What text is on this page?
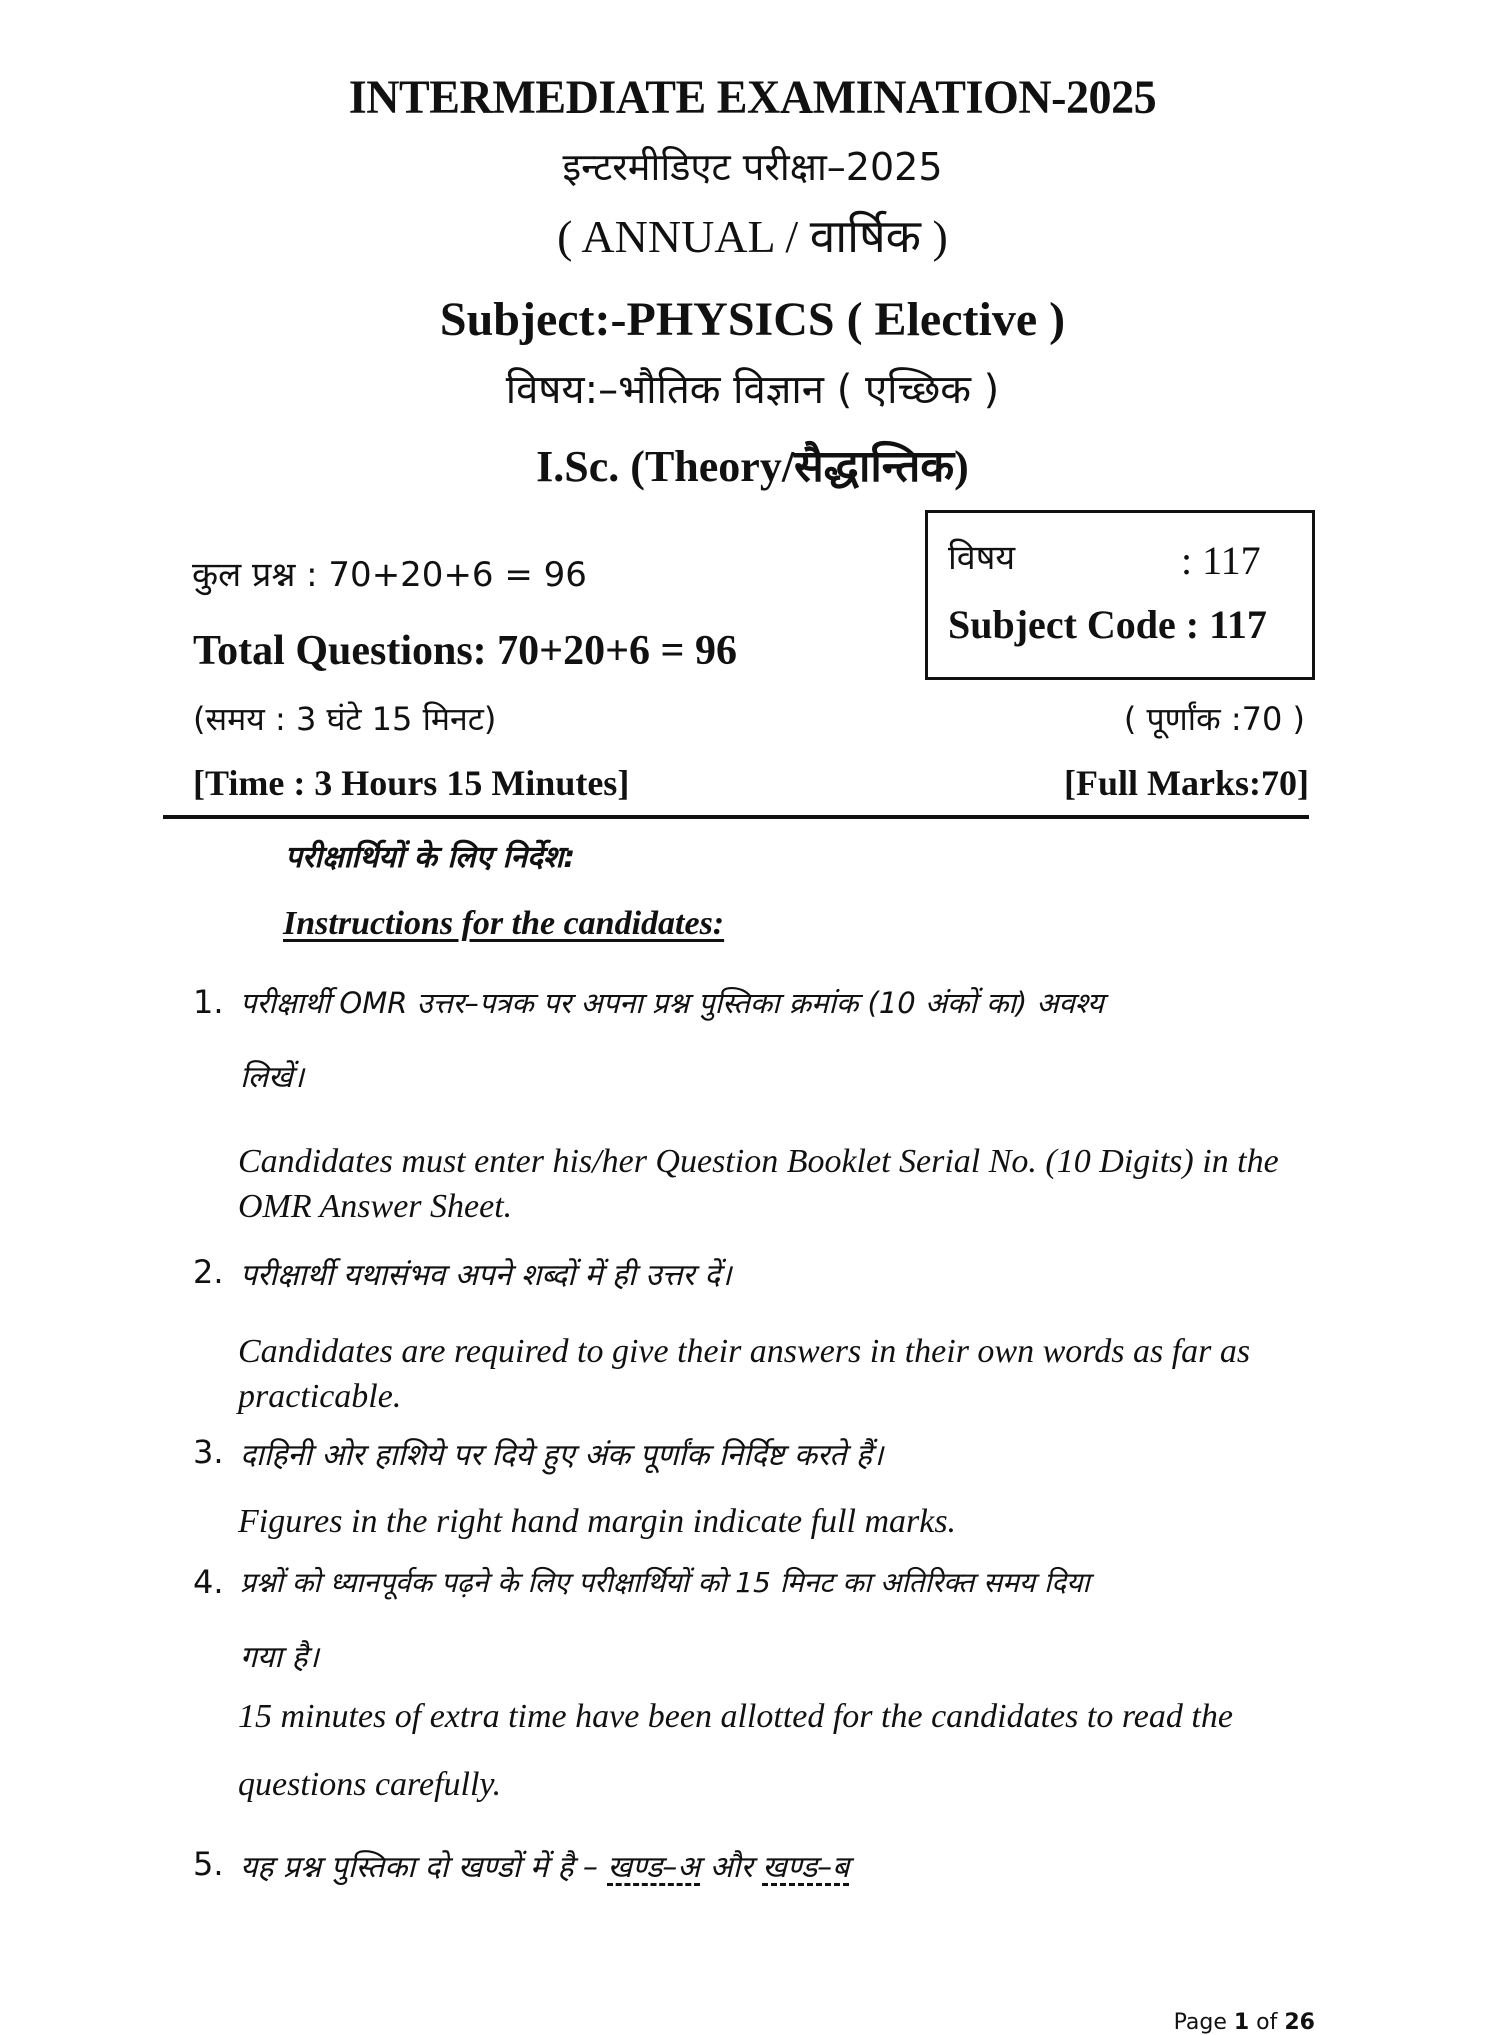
INTERMEDIATE EXAMINATION-2025
इन्टरमीडिएट परीक्षा–2025
( ANNUAL / वार्षिक )
Subject:-PHYSICS ( Elective )
विषय:–भौतिक विज्ञान ( एच्छिक )
I.Sc. (Theory/सैद्धान्तिक)
विषय	: 117
Subject Code : 117
कुल प्रश्न : 70+20+6 = 96
Total Questions: 70+20+6 = 96
(समय : 3 घंटे 15 मिनट)
[Time : 3 Hours 15 Minutes]
( पूर्णांक :70 )
[Full Marks:70]
परीक्षार्थियों के लिए निर्देश:
Instructions for the candidates:
1. परीक्षार्थी OMR उत्तर–पत्रक पर अपना प्रश्न पुस्तिका क्रमांक (10 अंकों का) अवश्य
लिखें।
Candidates must enter his/her Question Booklet Serial No. (10 Digits) in the
OMR Answer Sheet.
2. परीक्षार्थी यथासंभव अपने शब्दों में ही उत्तर दें।
Candidates are required to give their answers in their own words as far as
practicable.
3. दाहिनी ओर हाशिये पर दिये हुए अंक पूर्णांक निर्दिष्ट करते हैं।
Figures in the right hand margin indicate full marks.
4. प्रश्नों को ध्यानपूर्वक पढ़ने के लिए परीक्षार्थियों को 15 मिनट का अतिरिक्त समय दिया
गया है।
15 minutes of extra time have been allotted for the candidates to read the
questions carefully.
5. यह प्रश्न पुस्तिका दो खण्डों में है – खण्ड–अ और खण्ड–ब
Page 1 of 26
